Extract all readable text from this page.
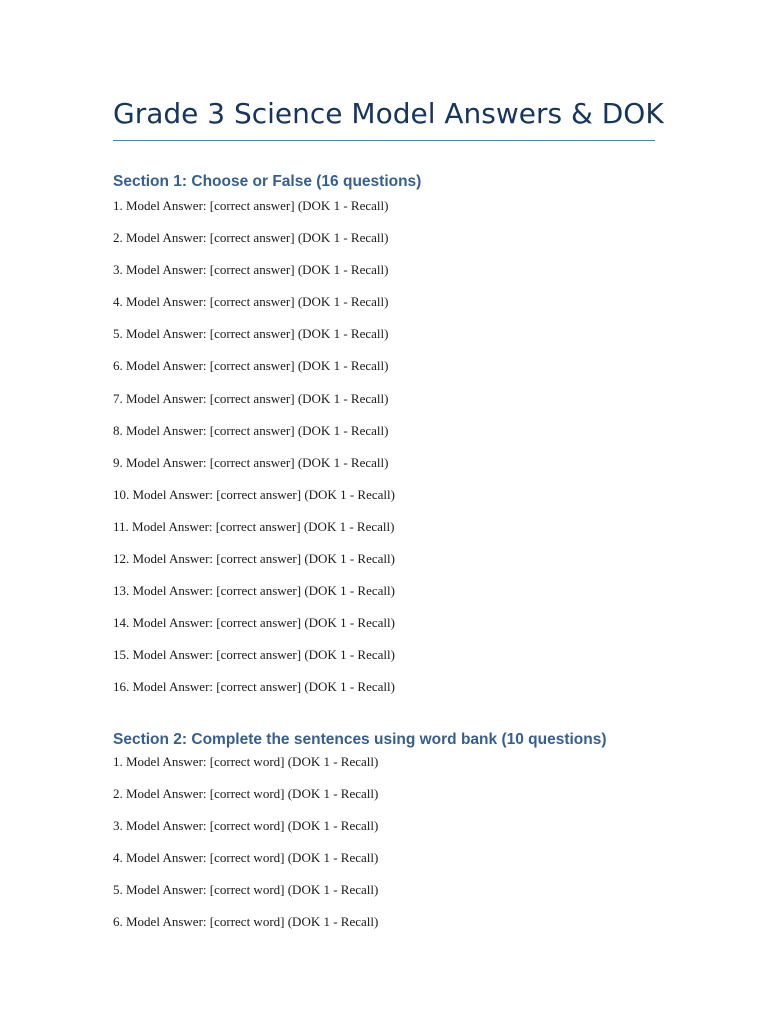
Grade 3 Science Model Answers & DOK
Section 1: Choose or False (16 questions)
1. Model Answer: [correct answer] (DOK 1 - Recall)
2. Model Answer: [correct answer] (DOK 1 - Recall)
3. Model Answer: [correct answer] (DOK 1 - Recall)
4. Model Answer: [correct answer] (DOK 1 - Recall)
5. Model Answer: [correct answer] (DOK 1 - Recall)
6. Model Answer: [correct answer] (DOK 1 - Recall)
7. Model Answer: [correct answer] (DOK 1 - Recall)
8. Model Answer: [correct answer] (DOK 1 - Recall)
9. Model Answer: [correct answer] (DOK 1 - Recall)
10. Model Answer: [correct answer] (DOK 1 - Recall)
11. Model Answer: [correct answer] (DOK 1 - Recall)
12. Model Answer: [correct answer] (DOK 1 - Recall)
13. Model Answer: [correct answer] (DOK 1 - Recall)
14. Model Answer: [correct answer] (DOK 1 - Recall)
15. Model Answer: [correct answer] (DOK 1 - Recall)
16. Model Answer: [correct answer] (DOK 1 - Recall)
Section 2: Complete the sentences using word bank (10 questions)
1. Model Answer: [correct word] (DOK 1 - Recall)
2. Model Answer: [correct word] (DOK 1 - Recall)
3. Model Answer: [correct word] (DOK 1 - Recall)
4. Model Answer: [correct word] (DOK 1 - Recall)
5. Model Answer: [correct word] (DOK 1 - Recall)
6. Model Answer: [correct word] (DOK 1 - Recall)
